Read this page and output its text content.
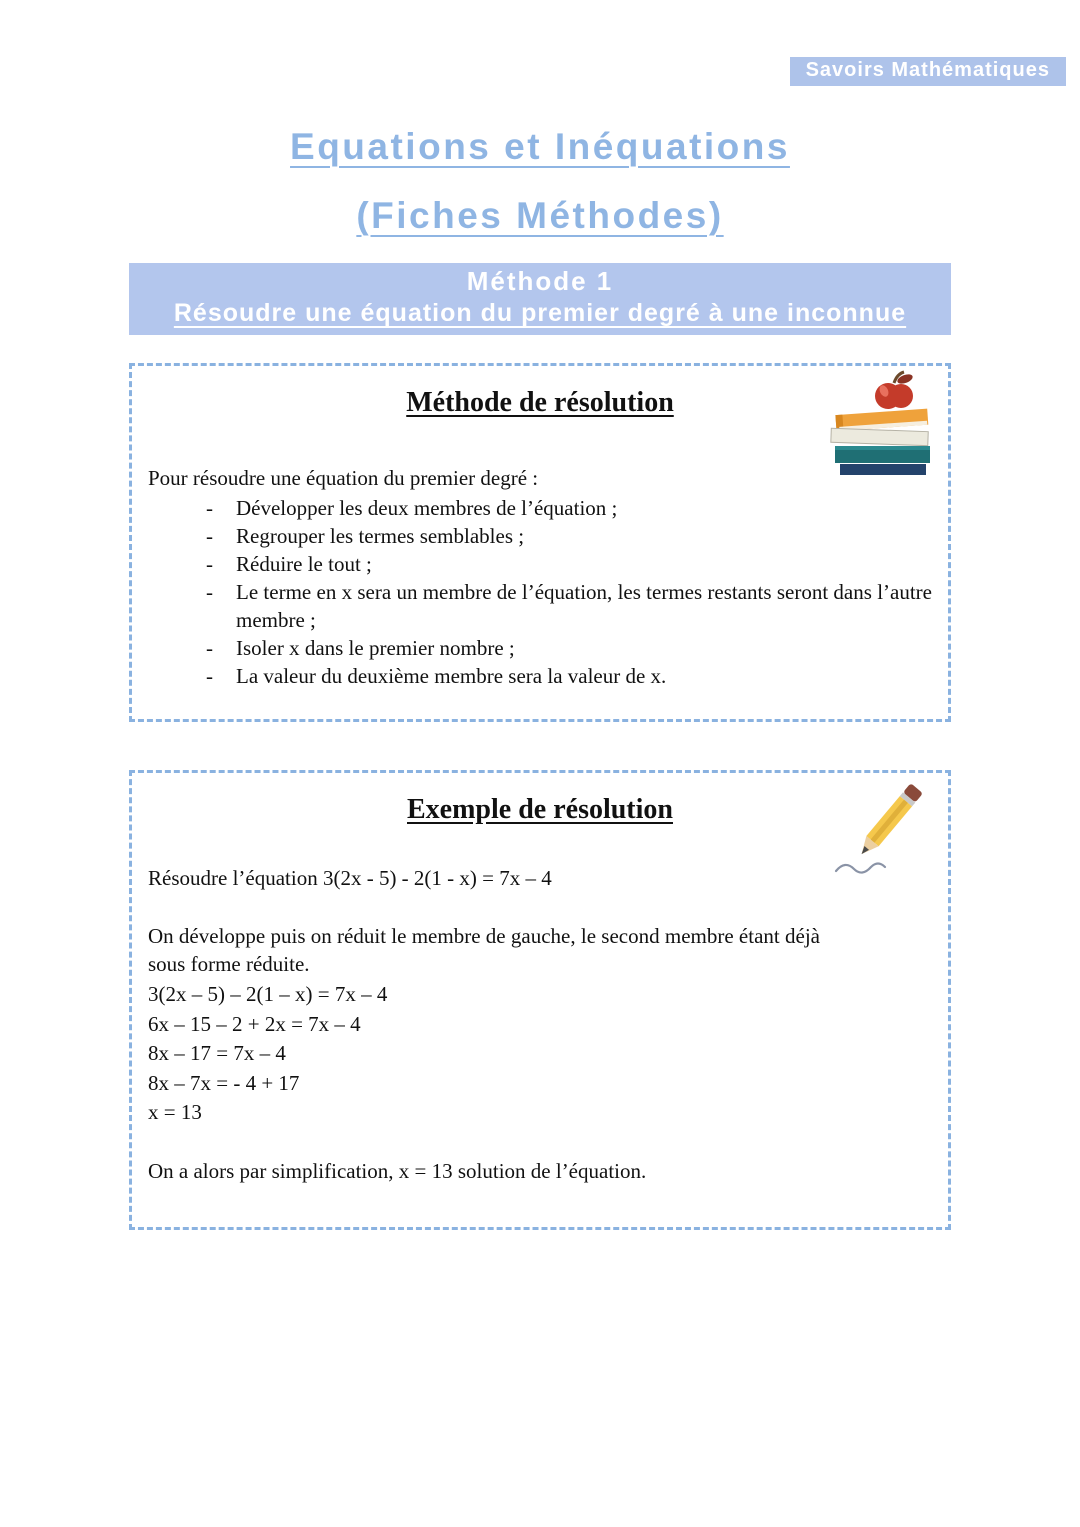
Savoirs Mathématiques
Equations et Inéquations
(Fiches Méthodes)
Méthode 1
Résoudre une équation du premier degré à une inconnue
Méthode de résolution

Pour résoudre une équation du premier degré :

-	Développer les deux membres de l’équation ;
-	Regrouper les termes semblables ;
-	Réduire le tout ;
-	Le terme en x sera un membre de l’équation, les termes restants seront dans l’autre membre ;
-	Isoler x dans le premier nombre ;
-	La valeur du deuxième membre sera la valeur de x.
Exemple de résolution

Résoudre l’équation 3(2x - 5) - 2(1 - x) = 7x – 4

On développe puis on réduit le membre de gauche, le second membre étant déjà sous forme réduite.

3(2x – 5) – 2(1 – x) = 7x – 4
6x – 15 – 2 + 2x = 7x – 4
8x – 17 = 7x – 4
8x – 7x = - 4 + 17
x = 13

On a alors par simplification, x = 13 solution de l’équation.
